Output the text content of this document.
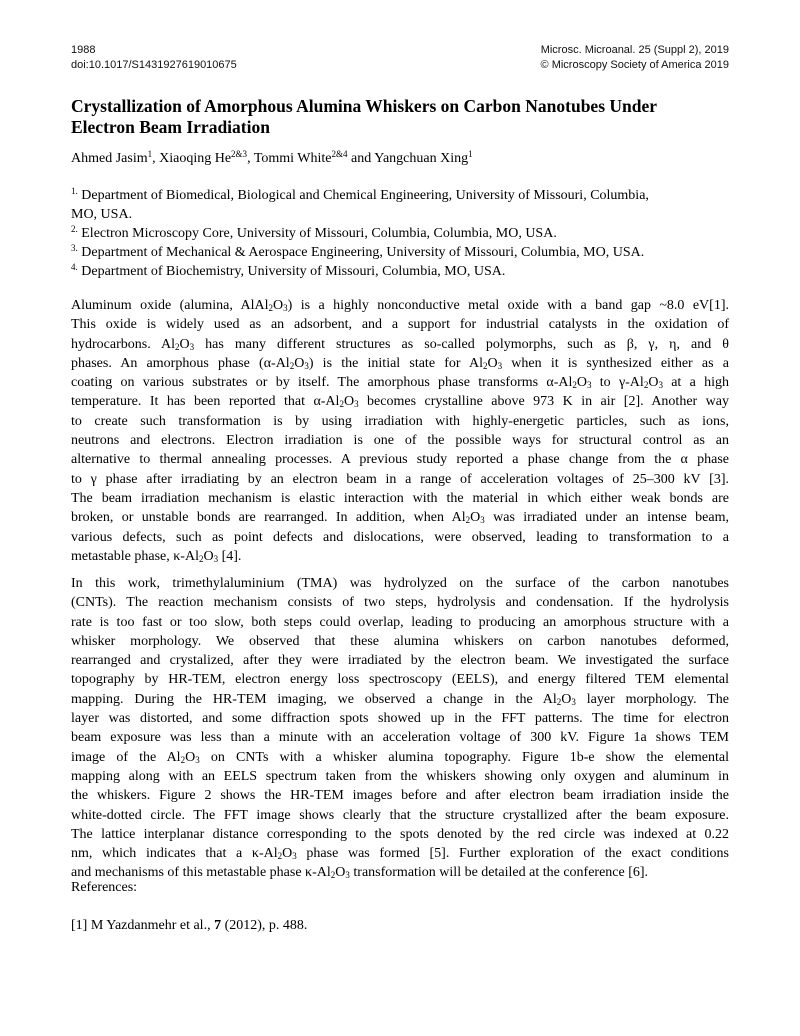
1988
doi:10.1017/S1431927619010675
Microsc. Microanal. 25 (Suppl 2), 2019
© Microscopy Society of America 2019
Crystallization of Amorphous Alumina Whiskers on Carbon Nanotubes Under
Electron Beam Irradiation
Ahmed Jasim$^1$, Xiaoqing $He^{2\&3}$, Tommi White$^{2\&4}$ and Yangchuan Xing$^1$
$^{1.}$ Department of Biomedical, Biological and Chemical Engineering, University of Missouri, Columbia,
MO, USA.
$^{2.}$ Electron Microscopy Core, University of Missouri, Columbia, Columbia, MO, USA.
$^{3.}$ Department of Mechanical & Aerospace Engineering, University of Missouri, Columbia, MO, USA.
$^{4.}$ Department of Biochemistry, University of Missouri, Columbia, MO, USA.
Aluminum oxide (alumina, $AlAl_2O_3$) is a highly nonconductive metal oxide with a band gap ~8.0 eV[1].
This oxide is widely used as an adsorbent, and a support for industrial catalysts in the oxidation of
hydrocarbons. $Al_2O_3$ has many different structures as so-called polymorphs, such as β, γ, η, and θ
phases. An amorphous phase $(\alpha-Al_2O_3)$ is the initial state for $Al_2O_3$ when it is synthesized either as a
coating on various substrates or by itself. The amorphous phase transforms $\alpha-Al_2O_3$ to $\gamma-Al_2O_3$ at a high
temperature. It has been reported that $\alpha-Al_2O_3$ becomes crystalline above 973 K in air [2]. Another way
to create such transformation is by using irradiation with highly-energetic particles, such as ions,
neutrons and electrons. Electron irradiation is one of the possible ways for structural control as an
alternative to thermal annealing processes. A previous study reported a phase change from the α phase
to γ phase after irradiating by an electron beam in a range of acceleration voltages of 25–300 kV [3].
The beam irradiation mechanism is elastic interaction with the material in which either weak bonds are
broken, or unstable bonds are rearranged. In addition, when $Al_2O_3$ was irradiated under an intense beam,
various defects, such as point defects and dislocations, were observed, leading to transformation to a
metastable phase, $\kappa-Al_2O_3$ [4].
In this work, trimethylaluminium (TMA) was hydrolyzed on the surface of the carbon nanotubes
(CNTs). The reaction mechanism consists of two steps, hydrolysis and condensation. If the hydrolysis
rate is too fast or too slow, both steps could overlap, leading to producing an amorphous structure with a
whisker morphology. We observed that these alumina whiskers on carbon nanotubes deformed,
rearranged and crystalized, after they were irradiated by the electron beam. We investigated the surface
topography by HR-TEM, electron energy loss spectroscopy (EELS), and energy filtered TEM elemental
mapping. During the HR-TEM imaging, we observed a change in the $Al_2O_3$ layer morphology. The
layer was distorted, and some diffraction spots showed up in the FFT patterns. The time for electron
beam exposure was less than a minute with an acceleration voltage of 300 kV. Figure 1a shows TEM
image of the $Al_2O_3$ on CNTs with a whisker alumina topography. Figure 1b-e show the elemental
mapping along with an EELS spectrum taken from the whiskers showing only oxygen and aluminum in
the whiskers. Figure 2 shows the HR-TEM images before and after electron beam irradiation inside the
white-dotted circle. The FFT image shows clearly that the structure crystallized after the beam exposure.
The lattice interplanar distance corresponding to the spots denoted by the red circle was indexed at 0.22
nm, which indicates that a $\kappa-Al_2O_3$ phase was formed [5]. Further exploration of the exact conditions
and mechanisms of this metastable phase $\kappa-Al_2O_3$ transformation will be detailed at the conference [6].
References:
[1] M Yazdanmehr et al., 7 (2012), p. 488.
